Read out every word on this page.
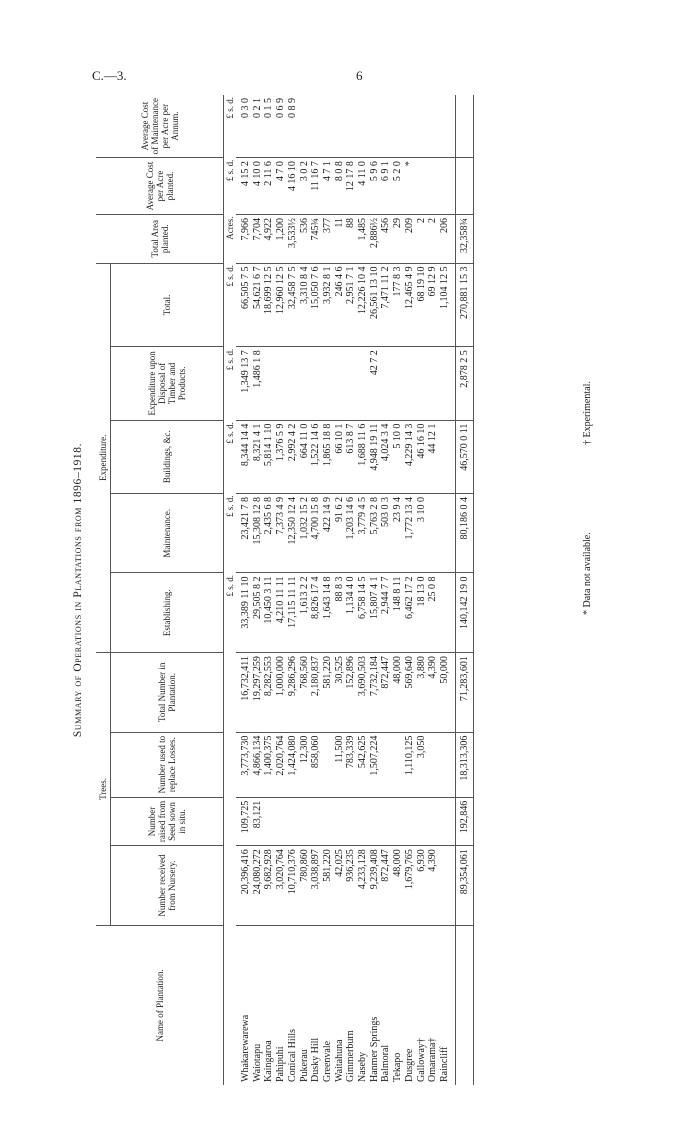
C.—3.	6
Summary of Operations in Plantations from 1896–1918.
Name of Plantation.	Trees.				Expenditure.					Total Area planted.	Average Cost per Acre planted.	Average Cost of Maintenance per Acre per Annum.
	Number received from Nursery.	Number raised from Seed sown in situ.	Number used to replace Losses.	Total Number in Plantation.	Establishing.	Maintenance.	Buildings, &c.	Expenditure upon Disposal of Timber and Products.	Total.			
					£ s. d.	£ s. d.	£ s. d.	£ s. d.	£ s. d.	Acres.	£ s. d.	£ s. d.

Whakarewarewa	20,396,416	109,725	3,773,730	16,732,411	33,389 11 10	23,421 7 8	8,344 14 4	1,349 13 7	66,505 7 5	7,966	4 15 2	0 3 0
Waiotapu	24,080,272	83,121	4,866,134	19,297,259	29,505 8 2	15,308 12 8	8,321 4 1	1,486 1 8	54,621 6 7	7,704	4 10 0	0 2 1
Kaingaroa	9,682,928		1,400,375	8,282,553	10,450 3 11	2,435 6 8	5,814 1 10		18,699 12 5	4,922	2 11 6	0 1 5
Pahipuhi	3,020,764		2,020,764	1,000,000	4,210 11 11	7,373 4 9	1,376 5 9		12,960 12 5	1,200	4 7 0	0 6 9
Conical Hills	10,710,376		1,424,080	9,286,296	17,115 11 11	12,350 12 4	2,992 4 2		32,458 7 5	3,533½	4 16 10	0 8 9
Pukerau	780,860		12,300	768,560	1,613 2 2	1,032 15 2	664 11 0		3,310 8 4	536	3 0 2	
Dusky Hill	3,038,897		858,060	2,180,837	8,826 17 4	4,700 15 8	1,522 14 6		15,050 7 6	745¾	11 16 7	
Greenvale	581,220			581,220	1,643 14 8	422 14 9	1,865 18 8		3,932 8 1	377	4 7 1	
Waitahuna	42,025		11,500	30,525	88 8 3	91 6 2	66 10 1		246 4 6	11	8 0 8	
Gimmerburn	936,235		783,339	152,896	1,134 4 0	1,203 14 6	613 8 7		2,951 7 1	88	12 17 8	
Naseby	4,233,128		542,625	3,690,503	6,758 14 5	3,779 4 5	1,688 11 6		12,226 10 4	1,485	4 11 0	
Hanmer Springs	9,239,408		1,507,224	7,732,184	15,807 4 1	5,763 2 8	4,948 19 11	42 7 2	26,561 13 10	2,886½	5 9 6	
Balmoral	872,447			872,447	2,944 7 7	503 0 3	4,024 3 4		7,471 11 2	456	6 9 1	
Tekapo	48,000			48,000	148 8 11	23 9 4	5 10 0		177 8 3	29	5 2 0	
Dusgree	1,679,765		1,110,125	569,640	6,462 17 2	1,772 13 4	4,229 14 3		12,465 4 9	209	*	
Galloway†	6,930		3,050	3,880	18 13 0	3 10 0	46 16 10		68 19 10	2		
Omarama†	4,390			4,390	25 0 8		44 12 1		69 12 9	2		
Raincliff				50,000					1,104 12 5	206		

	89,354,061	192,846	18,313,306	71,283,601	140,142 19 0	80,186 0 4	46,570 0 11	2,878 2 5	270,881 15 3	32,358¾		
* Data not available.
† Experimental.
